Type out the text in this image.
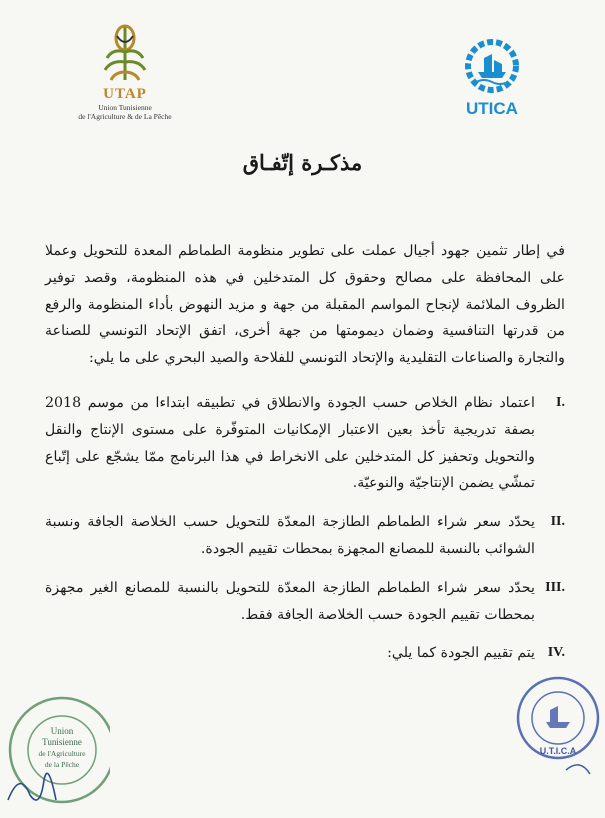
UTAP
Union Tunisienne
de l'Agriculture & de La Pêche	UTICA
مذكـرة إتّفـاق

في إطار تثمين جهود أجيال عملت على تطوير منظومة الطماطم المعدة للتحويل وعملا على المحافظة على مصالح وحقوق كل المتدخلين في هذه المنظومة، وقصد توفير الظروف الملائمة لإنجاح المواسم المقبلة من جهة و مزيد النهوض بأداء المنظومة والرفع من قدرتها التنافسية وضمان ديمومتها من جهة أخرى، اتفق الإتحاد التونسي للصناعة والتجارة والصناعات التقليدية والإتحاد التونسي للفلاحة والصيد البحري على ما يلي:

I.
اعتماد نظام الخلاص حسب الجودة والانطلاق في تطبيقه ابتداءا من موسم 2018 بصفة تدريجية تأخذ بعين الاعتبار الإمكانيات المتوفّرة على مستوى الإنتاج والنقل والتحويل وتحفيز كل المتدخلين على الانخراط في هذا البرنامج ممّا يشجّع على إتّباع تمشّي يضمن الإنتاجيّة والنوعيّة.
II.
يحدّد سعر شراء الطماطم الطازجة المعدّة للتحويل حسب الخلاصة الجافة ونسبة الشوائب بالنسبة للمصانع المجهزة بمحطات تقييم الجودة.
III.
يحدّد سعر شراء الطماطم الطازجة المعدّة للتحويل بالنسبة للمصانع الغير مجهزة بمحطات تقييم الجودة حسب الخلاصة الجافة فقط.
IV.
يتم تقييم الجودة كما يلي:
Union
Tunisienne
de l'Agriculture
de la Pêche
U.T.I.C.A
